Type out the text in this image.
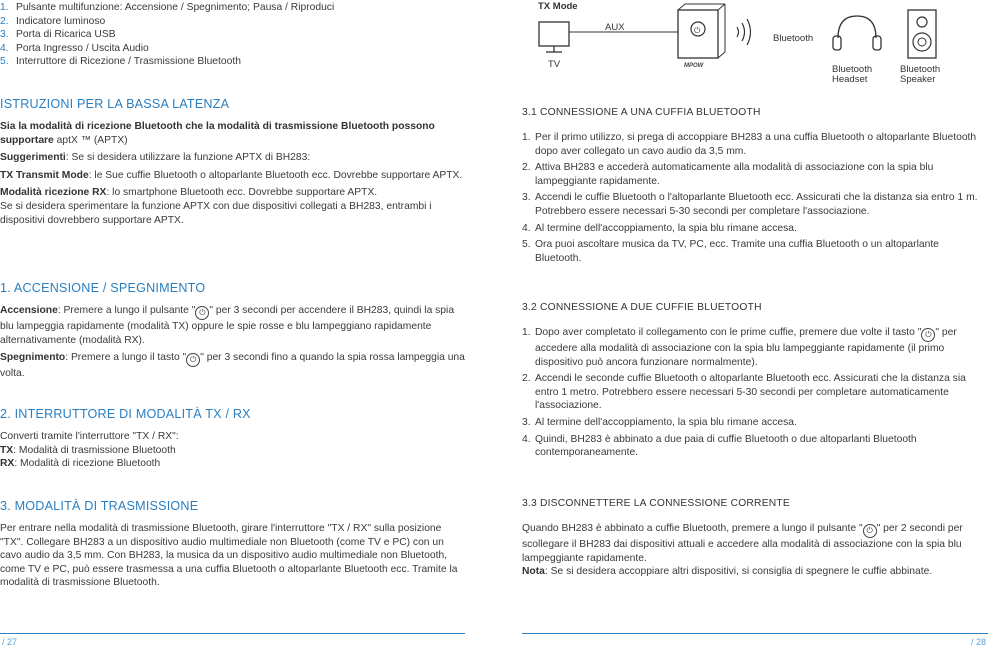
1. Pulsante multifunzione: Accensione / Spegnimento; Pausa / Riproduci
2. Indicatore luminoso
3. Porta di Ricarica USB
4. Porta Ingresso / Uscita Audio
5. Interruttore di Ricezione / Trasmissione Bluetooth
ISTRUZIONI PER LA BASSA LATENZA

Sia la modalità di ricezione Bluetooth che la modalità di trasmissione Bluetooth possono supportare aptX ™ (APTX)

Suggerimenti: Se si desidera utilizzare la funzione APTX di BH283:

TX Transmit Mode: le Sue cuffie Bluetooth o altoparlante Bluetooth ecc. Dovrebbe supportare APTX.

Modalità ricezione RX: lo smartphone Bluetooth ecc. Dovrebbe supportare APTX.

Se si desidera sperimentare la funzione APTX con due dispositivi collegati a BH283, entrambi i dispositivi dovrebbero supportare APTX.

1. ACCENSIONE / SPEGNIMENTO

Accensione: Premere a lungo il pulsante " ⏻ " per 3 secondi per accendere il BH283, quindi la spia blu lampeggia rapidamente (modalità TX) oppure le spie rosse e blu lampeggiano rapidamente alternativamente (modalità RX).

Spegnimento: Premere a lungo il tasto " ⏻ " per 3 secondi fino a quando la spia rossa lampeggia una volta.

2. INTERRUTTORE DI MODALITÀ TX / RX

Converti tramite l'interruttore "TX / RX":

TX: Modalità di trasmissione Bluetooth

RX: Modalità di ricezione Bluetooth

3. MODALITÀ DI TRASMISSIONE

Per entrare nella modalità di trasmissione Bluetooth, girare l'interruttore "TX / RX" sulla posizione "TX". Collegare BH283 a un dispositivo audio multimediale non Bluetooth (come TV e PC) con un cavo audio da 3,5 mm. Con BH283, la musica da un dispositivo audio multimediale non Bluetooth, come TV e PC, può essere trasmessa a una cuffia Bluetooth o altoparlante Bluetooth ecc. Tramite la modalità di trasmissione Bluetooth.

/ 27
TX Mode
⏻
MPOW
AUX
TV
Bluetooth
Bluetooth
Headset
Bluetooth
Speaker
3.1 CONNESSIONE A UNA CUFFIA BLUETOOTH
1. Per il primo utilizzo, si prega di accoppiare BH283 a una cuffia Bluetooth o altoparlante Bluetooth dopo aver collegato un cavo audio da 3,5 mm.
2. Attiva BH283 e accederà automaticamente alla modalità di associazione con la spia blu lampeggiante rapidamente.
3. Accendi le cuffie Bluetooth o l'altoparlante Bluetooth ecc. Assicurati che la distanza sia entro 1 m. Potrebbero essere necessari 5-30 secondi per completare l'associazione.
4. Al termine dell'accoppiamento, la spia blu rimane accesa.
5. Ora puoi ascoltare musica da TV, PC, ecc. Tramite una cuffia Bluetooth o un altoparlante Bluetooth.
3.2 CONNESSIONE A DUE CUFFIE BLUETOOTH
1. Dopo aver completato il collegamento con le prime cuffie, premere due volte il tasto " ⏻ " per accedere alla modalità di associazione con la spia blu lampeggiante rapidamente (il primo dispositivo può ancora funzionare normalmente).
2. Accendi le seconde cuffie Bluetooth o altoparlante Bluetooth ecc. Assicurati che la distanza sia entro 1 metro. Potrebbero essere necessari 5-30 secondi per completare automaticamente l'associazione.
3. Al termine dell'accoppiamento, la spia blu rimane accesa.
4. Quindi, BH283 è abbinato a due paia di cuffie Bluetooth o due altoparlanti Bluetooth contemporaneamente.
3.3 DISCONNETTERE LA CONNESSIONE CORRENTE

Quando BH283 è abbinato a cuffie Bluetooth, premere a lungo il pulsante " ⏻ " per 2 secondi per scollegare il BH283 dai dispositivi attuali e accedere alla modalità di associazione con la spia blu lampeggiante rapidamente.

Nota: Se si desidera accoppiare altri dispositivi, si consiglia di spegnere le cuffie abbinate.

/ 28
